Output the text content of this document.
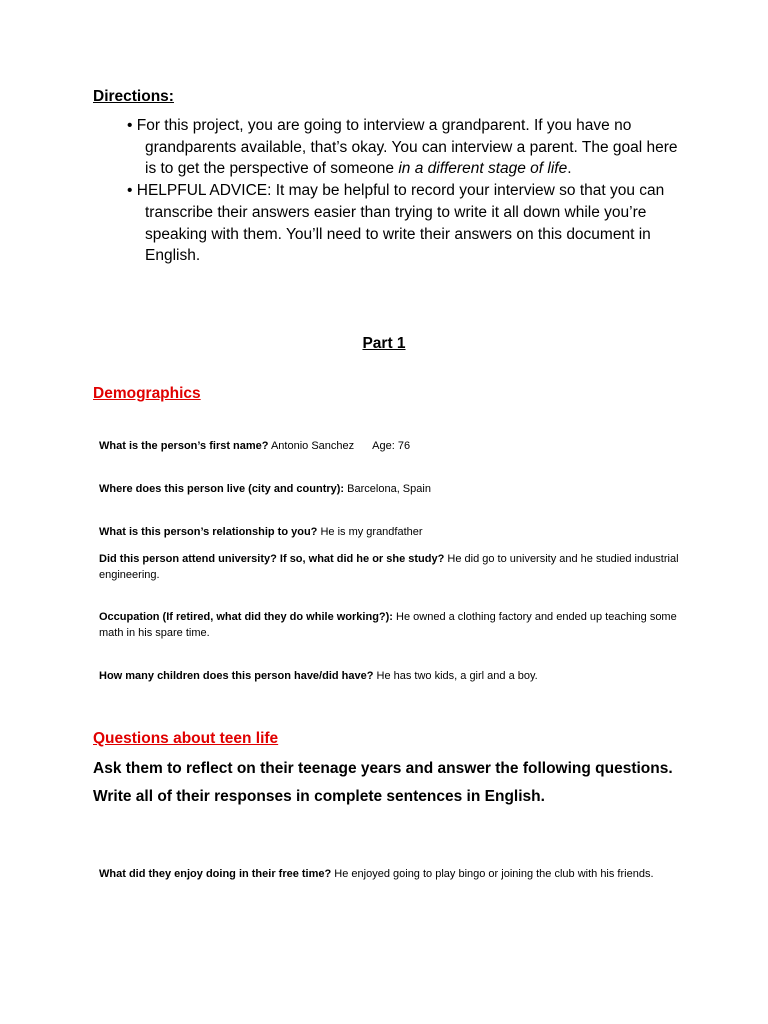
Directions:
• For this project, you are going to interview a grandparent. If you have no grandparents available, that’s okay. You can interview a parent. The goal here is to get the perspective of someone in a different stage of life.
• HELPFUL ADVICE: It may be helpful to record your interview so that you can transcribe their answers easier than trying to write it all down while you’re speaking with them. You’ll need to write their answers on this document in English.
Part 1
Demographics
What is the person’s first name? Antonio Sanchez Age: 76
Where does this person live (city and country): Barcelona, Spain
What is this person’s relationship to you? He is my grandfather
Did this person attend university? If so, what did he or she study? He did go to university and he studied industrial engineering.
Occupation (If retired, what did they do while working?): He owned a clothing factory and ended up teaching some math in his spare time.
How many children does this person have/did have? He has two kids, a girl and a boy.
Questions about teen life
Ask them to reflect on their teenage years and answer the following questions. Write all of their responses in complete sentences in English.
What did they enjoy doing in their free time? He enjoyed going to play bingo or joining the club with his friends.
